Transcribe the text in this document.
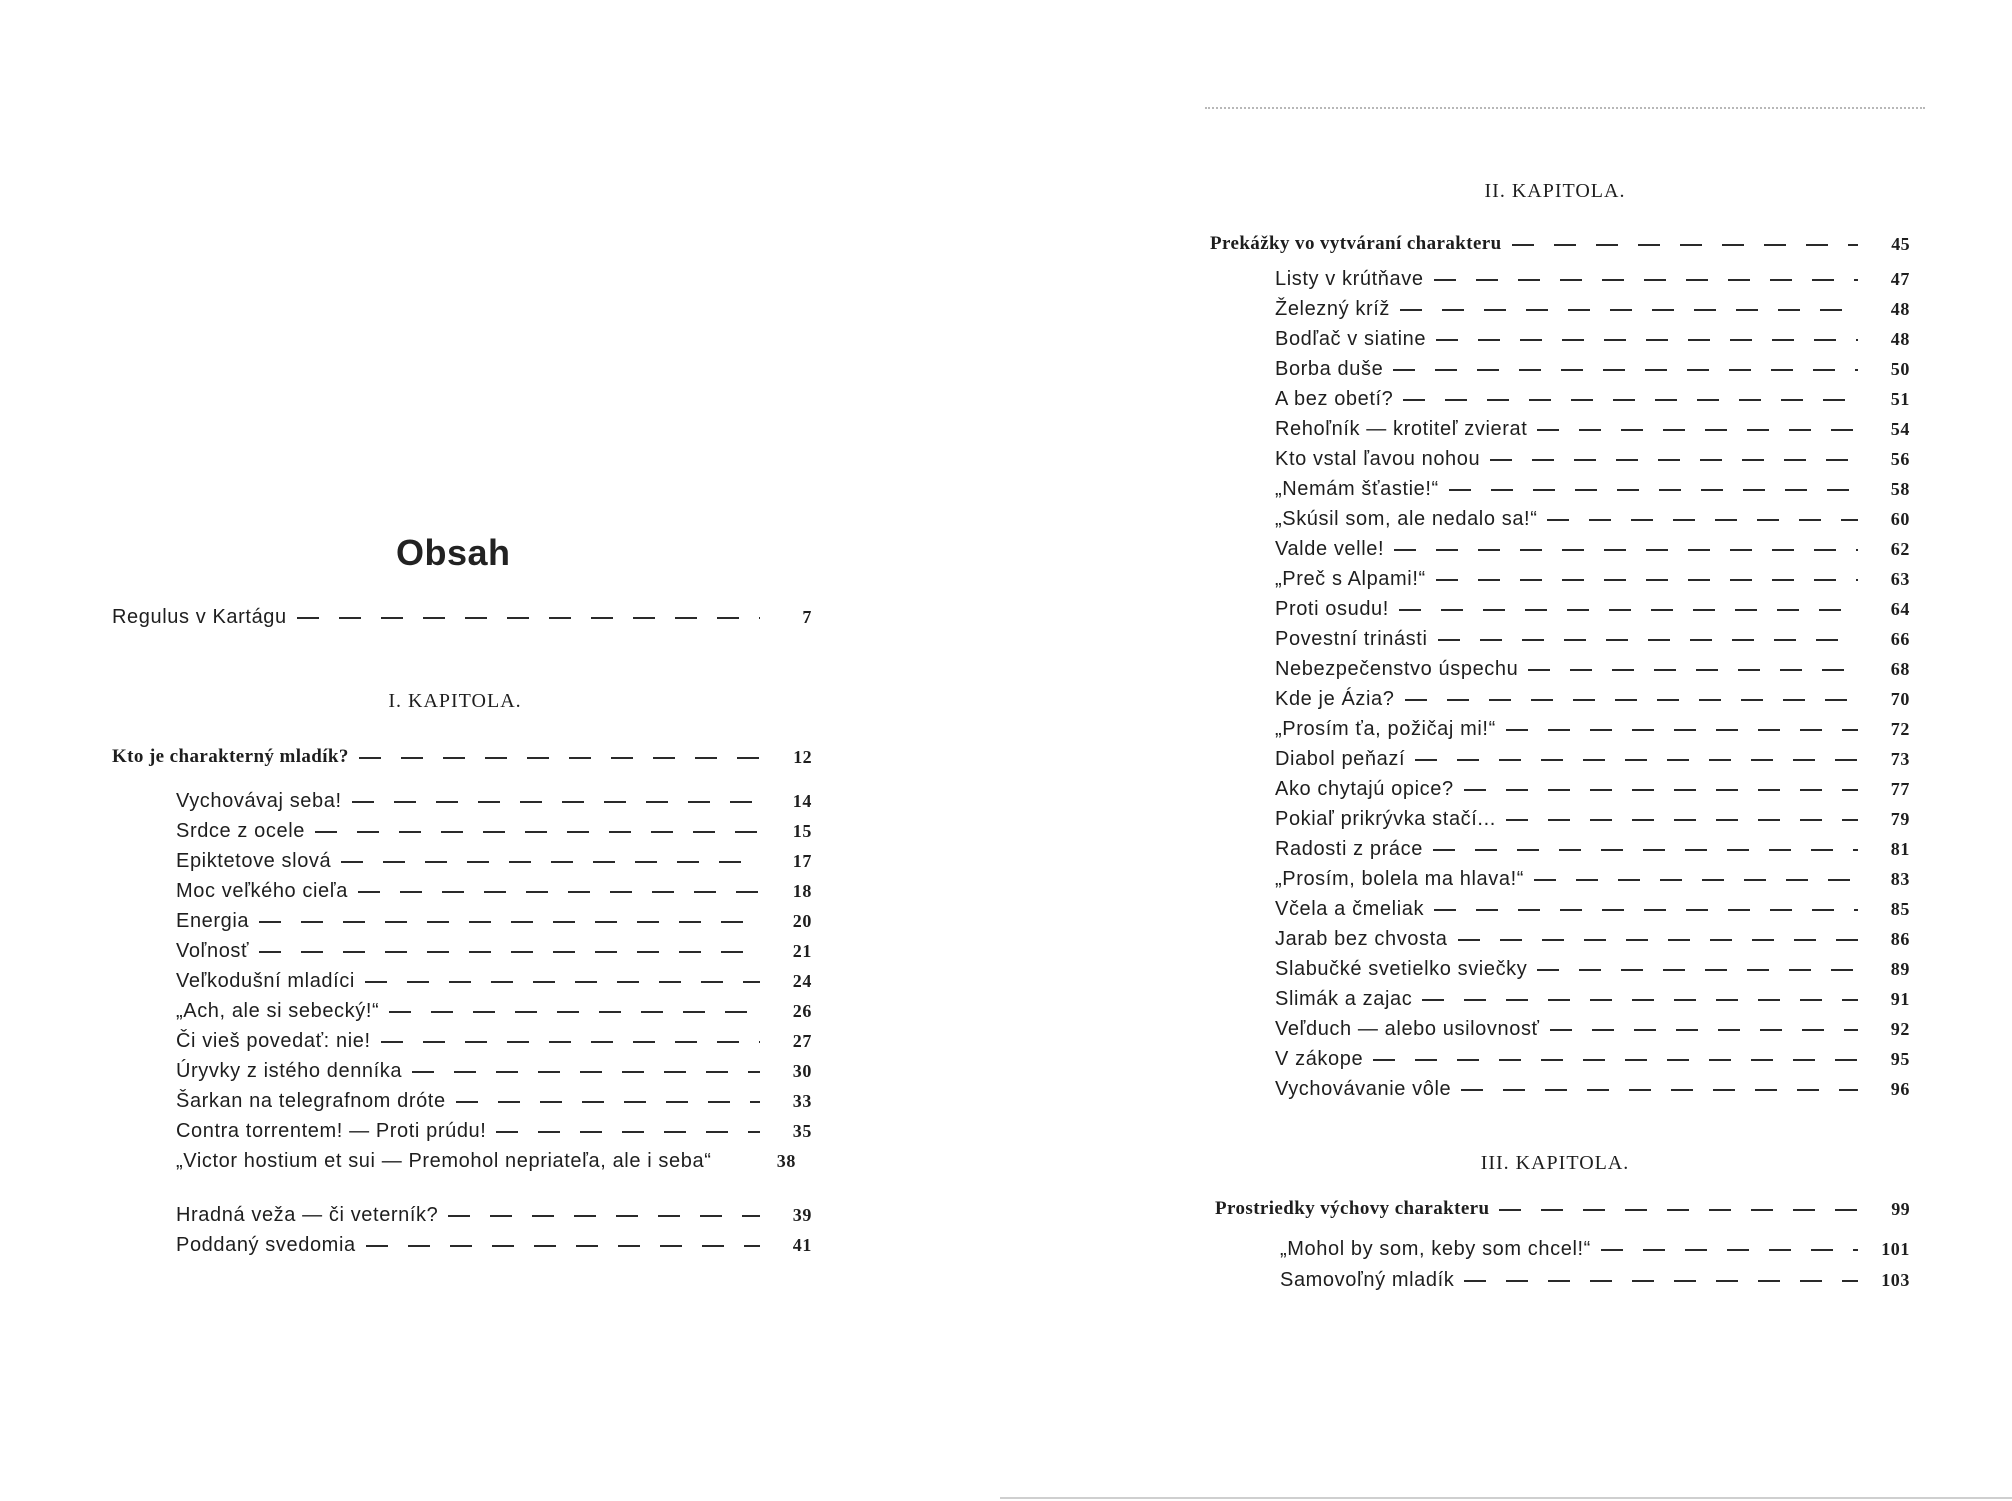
Obsah
Regulus v Kartágu	7
I. KAPITOLA.
Kto je charakterný mladík?	12
Vychovávaj seba!	14
Srdce z ocele	15
Epiktetove slová	17
Moc veľkého cieľa	18
Energia	20
Voľnosť	21
Veľkodušní mladíci	24
„Ach, ale si sebecký!“	26
Či vieš povedať: nie!	27
Úryvky z istého denníka	30
Šarkan na telegrafnom dróte	33
Contra torrentem! — Proti prúdu!	35
„Victor hostium et sui — Premohol nepriateľa, ale i seba“	38
Hradná veža — či veterník?	39
Poddaný svedomia	41
II. KAPITOLA.
Prekážky vo vytváraní charakteru	45
Listy v krútňave	47
Železný kríž	48
Bodľač v siatine	48
Borba duše	50
A bez obetí?	51
Rehoľník — krotiteľ zvierat	54
Kto vstal ľavou nohou	56
„Nemám šťastie!“	58
„Skúsil som, ale nedalo sa!“	60
Valde velle!	62
„Preč s Alpami!“	63
Proti osudu!	64
Povestní trinásti	66
Nebezpečenstvo úspechu	68
Kde je Ázia?	70
„Prosím ťa, požičaj mi!“	72
Diabol peňazí	73
Ako chytajú opice?	77
Pokiaľ prikrývka stačí...	79
Radosti z práce	81
„Prosím, bolela ma hlava!“	83
Včela a čmeliak	85
Jarab bez chvosta	86
Slabučké svetielko sviečky	89
Slimák a zajac	91
Veľduch — alebo usilovnosť	92
V zákope	95
Vychovávanie vôle	96
III. KAPITOLA.
Prostriedky výchovy charakteru	99
„Mohol by som, keby som chcel!“	101
Samovoľný mladík	103
